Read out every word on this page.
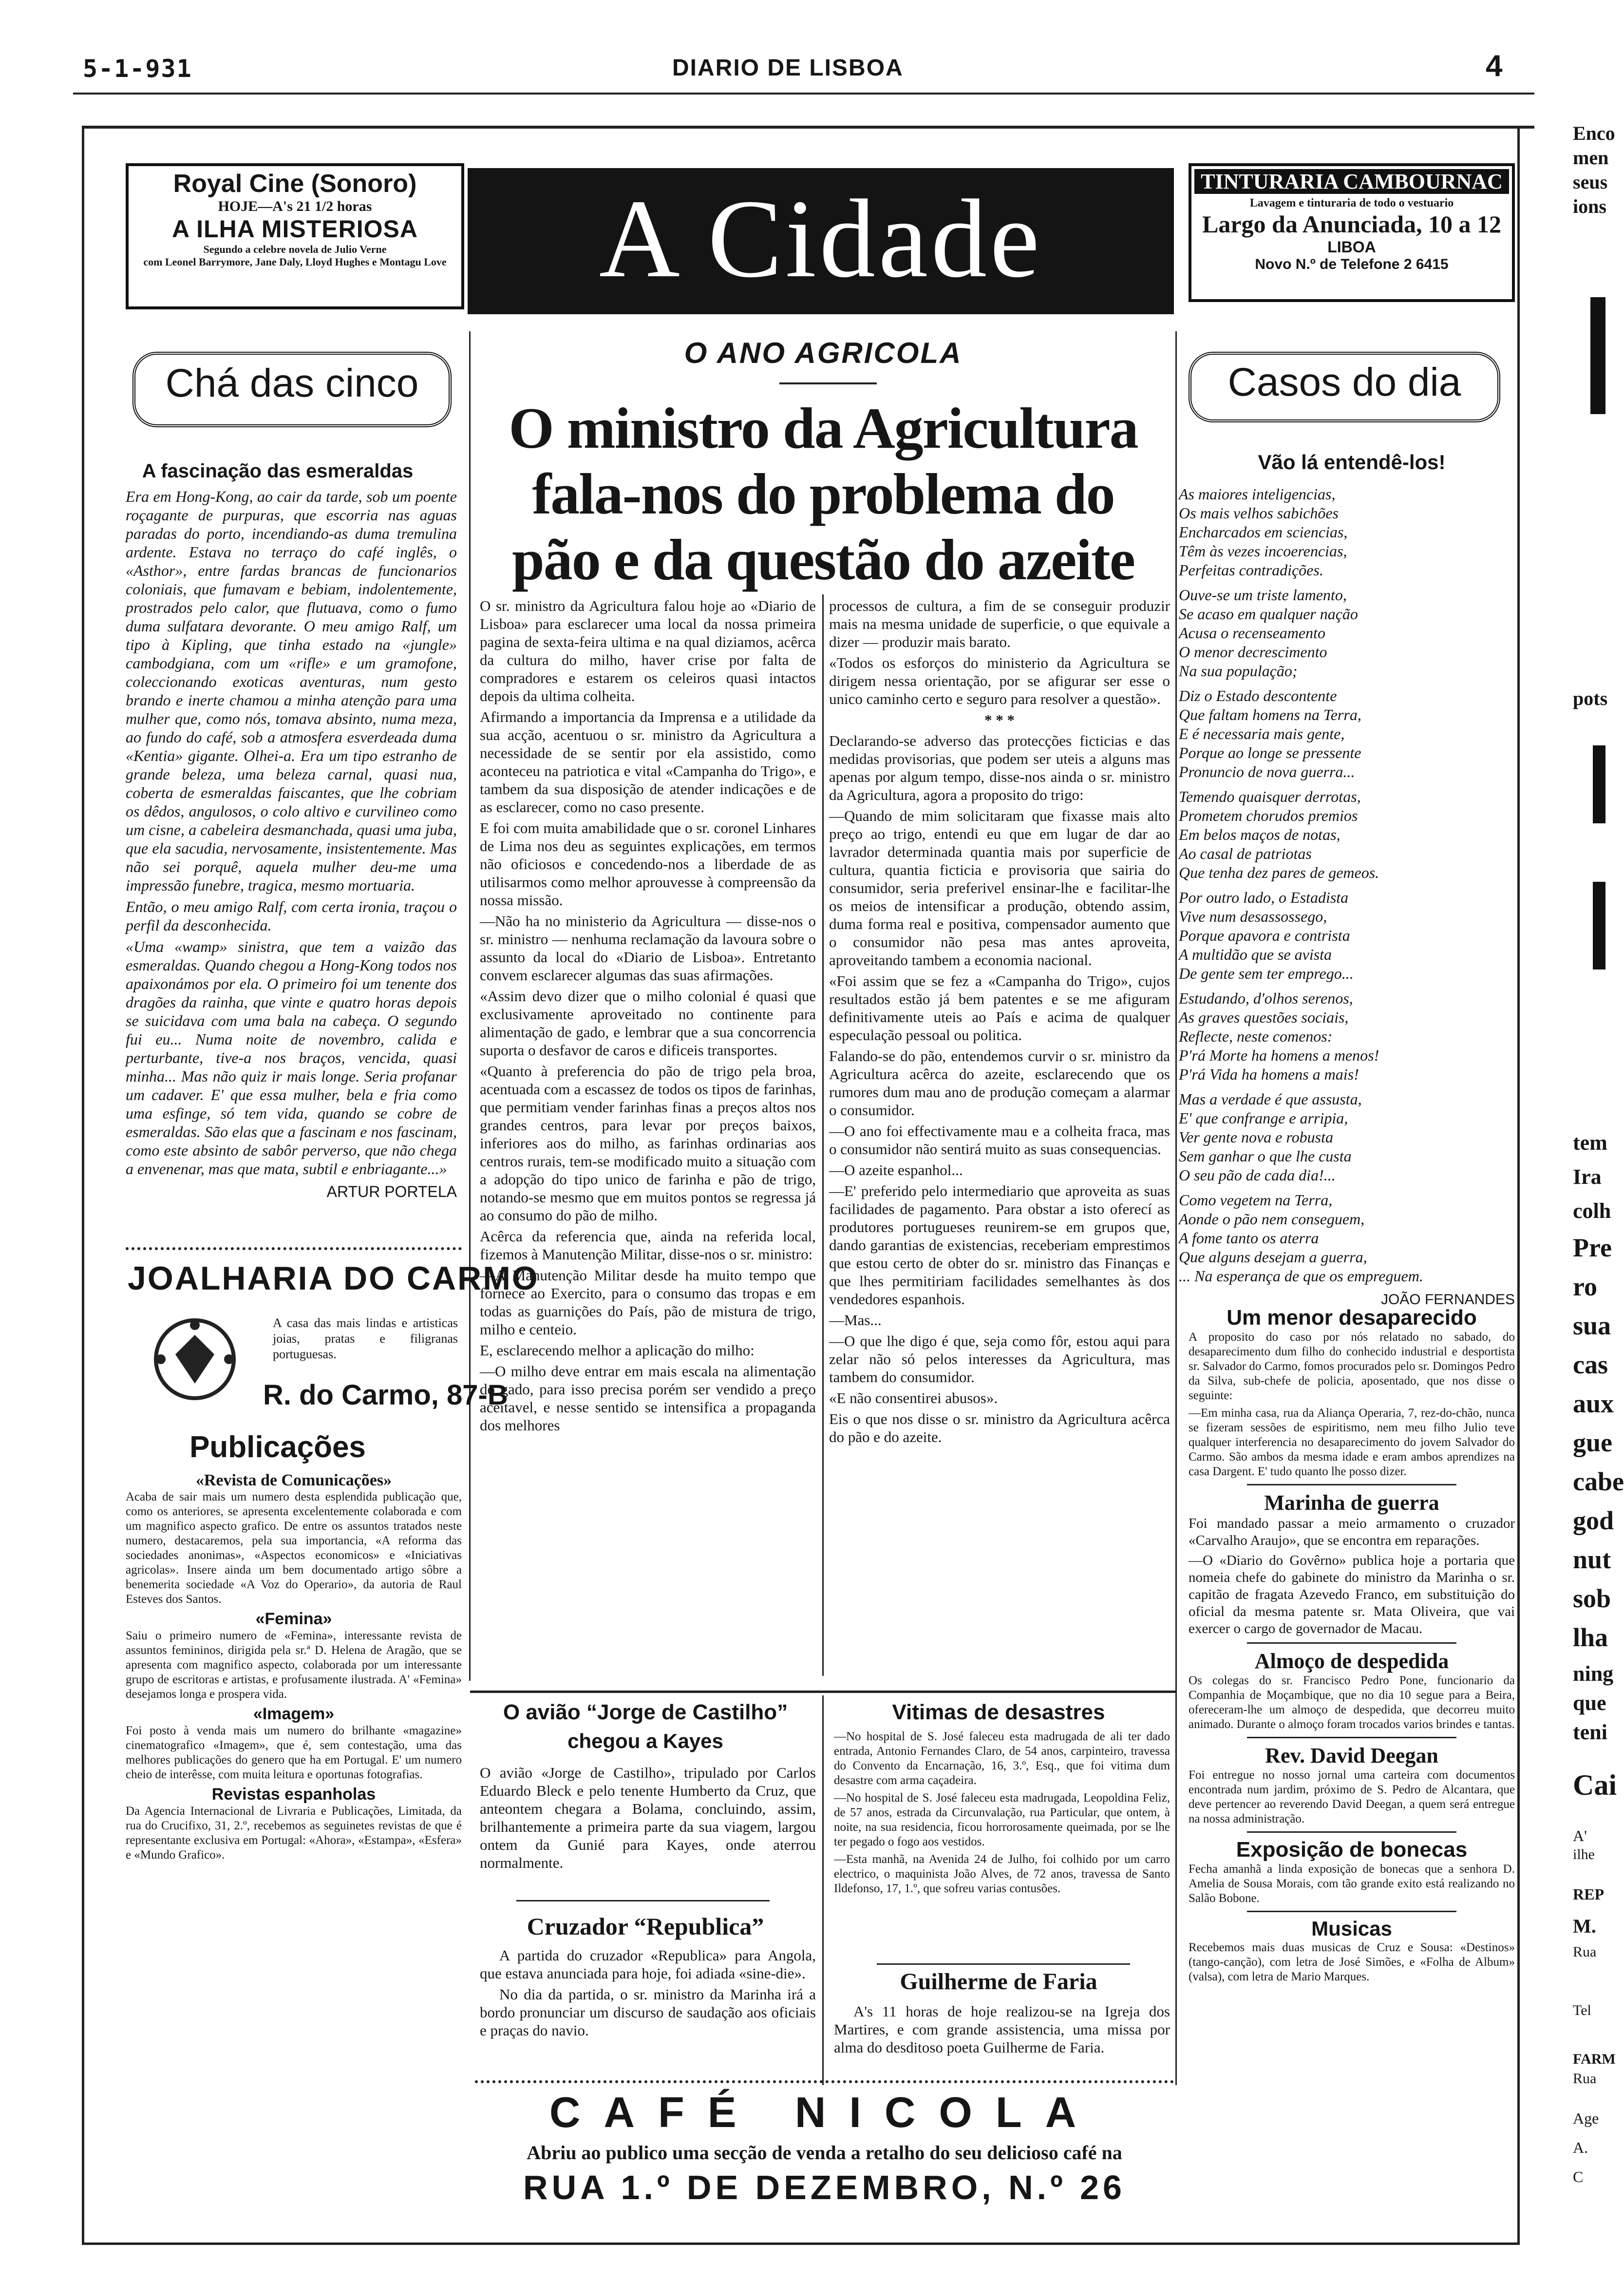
5-1-931	DIARIO DE LISBOA	4
Royal Cine (Sonoro)
HOJE—A's 21 1/2 horas
A ILHA MISTERIOSA
Segundo a celebre novela de Julio Verne
com Leonel Barrymore, Jane Daly, Lloyd Hughes e Montagu Love	A Cidade	TINTURARIA CAMBOURNAC
Lavagem e tinturaria de todo o vestuario
Largo da Anunciada, 10 a 12
LIBOA
Novo N.º de Telefone 2 6415
Chá das cinco
A fascinação das esmeraldas

Era em Hong-Kong, ao cair da tarde, sob um poente roçagante de purpuras, que escorria nas aguas paradas do porto, incendiando-as duma tremulina ardente. Estava no terraço do café inglês, o «Asthor», entre fardas brancas de funcionarios coloniais, que fumavam e bebiam, indolentemente, prostrados pelo calor, que flutuava, como o fumo duma sulfatara devorante. O meu amigo Ralf, um tipo à Kipling, que tinha estado na «jungle» cambodgiana, com um «rifle» e um gramofone, coleccionando exoticas aventuras, num gesto brando e inerte chamou a minha atenção para uma mulher que, como nós, tomava absinto, numa meza, ao fundo do café, sob a atmosfera esverdeada duma «Kentia» gigante. Olhei-a. Era um tipo estranho de grande beleza, uma beleza carnal, quasi nua, coberta de esmeraldas faiscantes, que lhe cobriam os dêdos, angulosos, o colo altivo e curvilineo como um cisne, a cabeleira desmanchada, quasi uma juba, que ela sacudia, nervosamente, insistentemente. Mas não sei porquê, aquela mulher deu-me uma impressão funebre, tragica, mesmo mortuaria.

Então, o meu amigo Ralf, com certa ironia, traçou o perfil da desconhecida.

«Uma «wamp» sinistra, que tem a vaizão das esmeraldas. Quando chegou a Hong-Kong todos nos apaixonámos por ela. O primeiro foi um tenente dos dragões da rainha, que vinte e quatro horas depois se suicidava com uma bala na cabeça. O segundo fui eu... Numa noite de novembro, calida e perturbante, tive-a nos braços, vencida, quasi minha... Mas não quiz ir mais longe. Seria profanar um cadaver. E' que essa mulher, bela e fria como uma esfinge, só tem vida, quando se cobre de esmeraldas. São elas que a fascinam e nos fascinam, como este absinto de sabôr perverso, que não chega a envenenar, mas que mata, subtil e enbriagante...»

ARTUR PORTELA
JOALHARIA DO CARMO
A casa das mais lindas e artisticas joias, pratas e filigranas portuguesas.
R. do Carmo, 87-B
Publicações
«Revista de Comunicações»

Acaba de sair mais um numero desta esplendida publicação que, como os anteriores, se apresenta excelentemente colaborada e com um magnifico aspecto grafico. De entre os assuntos tratados neste numero, destacaremos, pela sua importancia, «A reforma das sociedades anonimas», «Aspectos economicos» e «Iniciativas agricolas». Insere ainda um bem documentado artigo sôbre a benemerita sociedade «A Voz do Operario», da autoria de Raul Esteves dos Santos.

«Femina»

Saiu o primeiro numero de «Femina», interessante revista de assuntos femininos, dirigida pela sr.ª D. Helena de Aragão, que se apresenta com magnifico aspecto, colaborada por um interessante grupo de escritoras e artistas, e profusamente ilustrada. A' «Femina» desejamos longa e prospera vida.

«Imagem»

Foi posto à venda mais um numero do brilhante «magazine» cinematografico «Imagem», que é, sem contestação, uma das melhores publicações do genero que ha em Portugal. E' um numero cheio de interêsse, com muita leitura e oportunas fotografias.

Revistas espanholas

Da Agencia Internacional de Livraria e Publicações, Limitada, da rua do Crucifixo, 31, 2.º, recebemos as seguinetes revistas de que é representante exclusiva em Portugal: «Ahora», «Estampa», «Esfera» e «Mundo Grafico».

O ANO AGRICOLA
O ministro da Agricultura
fala-nos do problema do
pão e da questão do azeite

O sr. ministro da Agricultura falou hoje ao «Diario de Lisboa» para esclarecer uma local da nossa primeira pagina de sexta-feira ultima e na qual diziamos, acêrca da cultura do milho, haver crise por falta de compradores e estarem os celeiros quasi intactos depois da ultima colheita.

Afirmando a importancia da Imprensa e a utilidade da sua acção, acentuou o sr. ministro da Agricultura a necessidade de se sentir por ela assistido, como aconteceu na patriotica e vital «Campanha do Trigo», e tambem da sua disposição de atender indicações e de as esclarecer, como no caso presente.

E foi com muita amabilidade que o sr. coronel Linhares de Lima nos deu as seguintes explicações, em termos não oficiosos e concedendo-nos a liberdade de as utilisarmos como melhor aprouvesse à compreensão da nossa missão.

—Não ha no ministerio da Agricultura — disse-nos o sr. ministro — nenhuma reclamação da lavoura sobre o assunto da local do «Diario de Lisboa». Entretanto convem esclarecer algumas das suas afirmações.

«Assim devo dizer que o milho colonial é quasi que exclusivamente aproveitado no continente para alimentação de gado, e lembrar que a sua concorrencia suporta o desfavor de caros e dificeis transportes.

«Quanto à preferencia do pão de trigo pela broa, acentuada com a escassez de todos os tipos de farinhas, que permitiam vender farinhas finas a preços altos nos grandes centros, para levar por preços baixos, inferiores aos do milho, as farinhas ordinarias aos centros rurais, tem-se modificado muito a situação com a adopção do tipo unico de farinha e pão de trigo, notando-se mesmo que em muitos pontos se regressa já ao consumo do pão de milho.

Acêrca da referencia que, ainda na referida local, fizemos à Manutenção Militar, disse-nos o sr. ministro:

—A Manutenção Militar desde ha muito tempo que fornece ao Exercito, para o consumo das tropas e em todas as guarnições do País, pão de mistura de trigo, milho e centeio.

E, esclarecendo melhor a aplicação do milho:

—O milho deve entrar em mais escala na alimentação do gado, para isso precisa porém ser vendido a preço aceitavel, e nesse sentido se intensifica a propaganda dos melhores

processos de cultura, a fim de se conseguir produzir mais na mesma unidade de superficie, o que equivale a dizer — produzir mais barato.

«Todos os esforços do ministerio da Agricultura se dirigem nessa orientação, por se afigurar ser esse o unico caminho certo e seguro para resolver a questão».

* * *

Declarando-se adverso das protecções ficticias e das medidas provisorias, que podem ser uteis a alguns mas apenas por algum tempo, disse-nos ainda o sr. ministro da Agricultura, agora a proposito do trigo:

—Quando de mim solicitaram que fixasse mais alto preço ao trigo, entendi eu que em lugar de dar ao lavrador determinada quantia mais por superficie de cultura, quantia ficticia e provisoria que sairia do consumidor, seria preferivel ensinar-lhe e facilitar-lhe os meios de intensificar a produção, obtendo assim, duma forma real e positiva, compensador aumento que o consumidor não pesa mas antes aproveita, aproveitando tambem a economia nacional.

«Foi assim que se fez a «Campanha do Trigo», cujos resultados estão já bem patentes e se me afiguram definitivamente uteis ao País e acima de qualquer especulação pessoal ou politica.

Falando-se do pão, entendemos curvir o sr. ministro da Agricultura acêrca do azeite, esclarecendo que os rumores dum mau ano de produção começam a alarmar o consumidor.

—O ano foi effectivamente mau e a colheita fraca, mas o consumidor não sentirá muito as suas consequencias.

—O azeite espanhol...

—E' preferido pelo intermediario que aproveita as suas facilidades de pagamento. Para obstar a isto oferecí as produtores portugueses reunirem-se em grupos que, dando garantias de existencias, receberiam emprestimos que estou certo de obter do sr. ministro das Finanças e que lhes permitiriam facilidades semelhantes às dos vendedores espanhois.

—Mas...

—O que lhe digo é que, seja como fôr, estou aqui para zelar não só pelos interesses da Agricultura, mas tambem do consumidor.

«E não consentirei abusos».

Eis o que nos disse o sr. ministro da Agricultura acêrca do pão e do azeite.

O avião “Jorge de Castilho”
chegou a Kayes
O avião «Jorge de Castilho», tripulado por Carlos Eduardo Bleck e pelo tenente Humberto da Cruz, que anteontem chegara a Bolama, concluindo, assim, brilhantemente a primeira parte da sua viagem, largou ontem da Gunié para Kayes, onde aterrou normalmente.
Cruzador “Republica”

A partida do cruzador «Republica» para Angola, que estava anunciada para hoje, foi adiada «sine-die».

No dia da partida, o sr. ministro da Marinha irá a bordo pronunciar um discurso de saudação aos oficiais e praças do navio.

Vitimas de desastres

—No hospital de S. José faleceu esta madrugada de ali ter dado entrada, Antonio Fernandes Claro, de 54 anos, carpinteiro, travessa do Convento da Encarnação, 16, 3.º, Esq., que foi vitima dum desastre com arma caçadeira.

—No hospital de S. José faleceu esta madrugada, Leopoldina Feliz, de 57 anos, estrada da Circunvalação, rua Particular, que ontem, à noite, na sua residencia, ficou horrorosamente queimada, por se lhe ter pegado o fogo aos vestidos.

—Esta manhã, na Avenida 24 de Julho, foi colhido por um carro electrico, o maquinista João Alves, de 72 anos, travessa de Santo Ildefonso, 17, 1.º, que sofreu varias contusões.

Guilherme de Faria
A's 11 horas de hoje realizou-se na Igreja dos Martires, e com grande assistencia, uma missa por alma do desditoso poeta Guilherme de Faria.
CAFÉ NICOLA
Abriu ao publico uma secção de venda a retalho do seu delicioso café na
RUA 1.º DE DEZEMBRO, N.º 26
Casos do dia
Vão lá entendê-los!
As maiores inteligencias,
Os mais velhos sabichões
Encharcados em sciencias,
Têm às vezes incoerencias,
Perfeitas contradições.
Ouve-se um triste lamento,
Se acaso em qualquer nação
Acusa o recenseamento
O menor decrescimento
Na sua população;
Diz o Estado descontente
Que faltam homens na Terra,
E é necessaria mais gente,
Porque ao longe se pressente
Pronuncio de nova guerra...
Temendo quaisquer derrotas,
Prometem chorudos premios
Em belos maços de notas,
Ao casal de patriotas
Que tenha dez pares de gemeos.
Por outro lado, o Estadista
Vive num desassossego,
Porque apavora e contrista
A multidão que se avista
De gente sem ter emprego...
Estudando, d'olhos serenos,
As graves questões sociais,
Reflecte, neste comenos:
P'rá Morte ha homens a menos!
P'rá Vida ha homens a mais!
Mas a verdade é que assusta,
E' que confrange e arripia,
Ver gente nova e robusta
Sem ganhar o que lhe custa
O seu pão de cada dia!...
Como vegetem na Terra,
Aonde o pão nem conseguem,
A fome tanto os aterra
Que alguns desejam a guerra,
... Na esperança de que os empreguem.
JOÃO FERNANDES
Um menor desaparecido

A proposito do caso por nós relatado no sabado, do desaparecimento dum filho do conhecido industrial e desportista sr. Salvador do Carmo, fomos procurados pelo sr. Domingos Pedro da Silva, sub-chefe de policia, aposentado, que nos disse o seguinte:

—Em minha casa, rua da Aliança Operaria, 7, rez-do-chão, nunca se fizeram sessões de espiritismo, nem meu filho Julio teve qualquer interferencia no desaparecimento do jovem Salvador do Carmo. São ambos da mesma idade e eram ambos aprendizes na casa Dargent. E' tudo quanto lhe posso dizer.

Marinha de guerra

Foi mandado passar a meio armamento o cruzador «Carvalho Araujo», que se encontra em reparações.

—O «Diario do Govêrno» publica hoje a portaria que nomeia chefe do gabinete do ministro da Marinha o sr. capitão de fragata Azevedo Franco, em substituição do oficial da mesma patente sr. Mata Oliveira, que vai exercer o cargo de governador de Macau.

Almoço de despedida

Os colegas do sr. Francisco Pedro Pone, funcionario da Companhia de Moçambique, que no dia 10 segue para a Beira, ofereceram-lhe um almoço de despedida, que decorreu muito animado. Durante o almoço foram trocados varios brindes e tantas.

Rev. David Deegan

Foi entregue no nosso jornal uma carteira com documentos encontrada num jardim, próximo de S. Pedro de Alcantara, que deve pertencer ao reverendo David Deegan, a quem será entregue na nossa administração.

Exposição de bonecas

Fecha amanhã a linda exposição de bonecas que a senhora D. Amelia de Sousa Morais, com tão grande exito está realizando no Salão Bobone.

Musicas

Recebemos mais duas musicas de Cruz e Sousa: «Destinos» (tango-canção), com letra de José Simões, e «Folha de Album» (valsa), com letra de Mario Marques.

Enco
men
seus
ions
pots
tem
Ira
colh
Pre
ro
sua
cas
aux
gue
cabe
god
nut
sob
lha
ning
que
teni
Cai
A'
ilhe
REP
M.
Rua
Tel
FARM
Rua
Age
A.
C
